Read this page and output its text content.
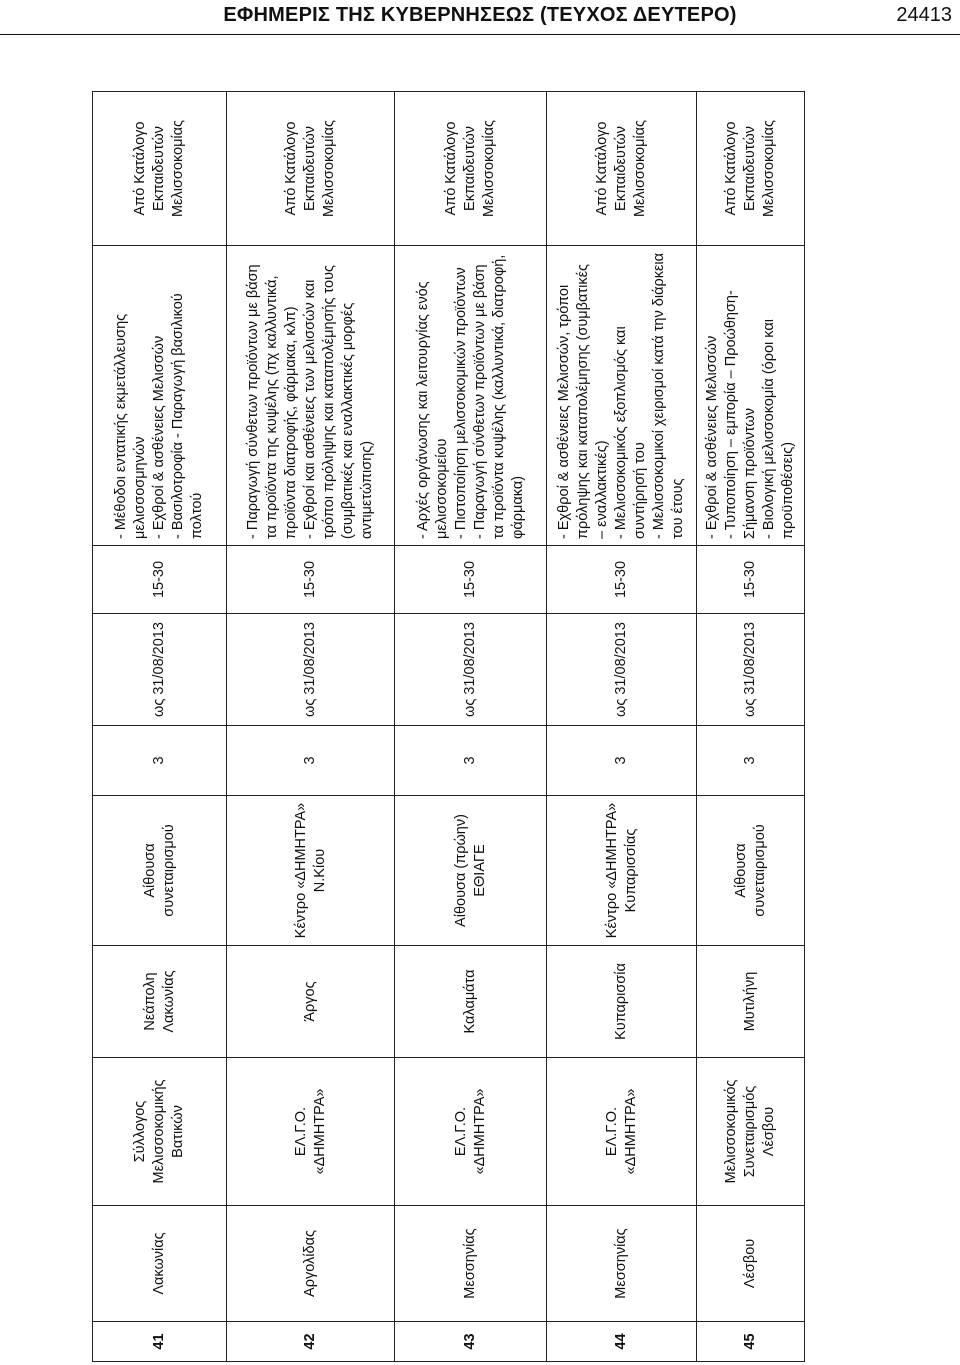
ΕΦΗΜΕΡΙΣ ΤΗΣ ΚΥΒΕΡΝΗΣΕΩΣ (ΤΕΥΧΟΣ ΔΕΥΤΕΡΟ)	24413
41	Λακωνίας	Σύλλογος Μελισσοκομικής Βατικών	Νεάπολη Λακωνίας	Αίθουσα συνεταιρισμού	3	ως 31/08/2013	15-30	- Μέθοδοι εντατικής εκμετάλλευσης μελισσοσμηνών - Εχθροί & ασθένειες Μελισσών - Βασιλοτροφία - Παραγωγή βασιλικού πολτού	Από Κατάλογο Εκπαιδευτών Μελισσοκομίας
42	Αργολίδας	ΕΛ.Γ.Ο. «ΔΗΜΗΤΡΑ»	Άργος	Κέντρο «ΔΗΜΗΤΡΑ» Ν.Κίου	3	ως 31/08/2013	15-30	- Παραγωγή σύνθετων προϊόντων με βάση τα προϊόντα της κυψέλης (πχ καλλυντικά, προϊόντα διατροφής, φάρμακα, κλπ) - Εχθροί και ασθένειες των μελισσών και τρόποι πρόληψης και καταπολέμησής τους (συμβατικές και εναλλακτικές μορφές αντιμετώπισης)	Από Κατάλογο Εκπαιδευτών Μελισσοκομίας
43	Μεσσηνίας	ΕΛ.Γ.Ο. «ΔΗΜΗΤΡΑ»	Καλαμάτα	Αίθουσα (πρώην) ΕΘΙΑΓΕ	3	ως 31/08/2013	15-30	- Αρχές οργάνωσης και λειτουργίας ενός μελισσοκομείου - Πιστοποίηση μελισσοκομικών προϊόντων - Παραγωγή σύνθετων προϊόντων με βάση τα προϊόντα κυψέλης (καλλυντικά, διατροφή, φάρμακα)	Από Κατάλογο Εκπαιδευτών Μελισσοκομίας
44	Μεσσηνίας	ΕΛ.Γ.Ο. «ΔΗΜΗΤΡΑ»	Κυπαρισσία	Κέντρο «ΔΗΜΗΤΡΑ» Κυπαρισσίας	3	ως 31/08/2013	15-30	- Εχθροί & ασθένειες Μελισσών, τρόποι πρόληψης και καταπολέμησης (συμβατικές – εναλλακτικές) - Μελισσοκομικός εξοπλισμός και συντήρησή του - Μελισσοκομικοί χειρισμοί κατά την διάρκεια του έτους	Από Κατάλογο Εκπαιδευτών Μελισσοκομίας
45	Λέσβου	Μελισσοκομικός Συνεταιρισμός Λέσβου	Μυτιλήνη	Αίθουσα συνεταιρισμού	3	ως 31/08/2013	15-30	- Εχθροί & ασθένειες Μελισσών - Τυποποίηση – εμπορία – Προώθηση- Σήμανση προϊόντων - Βιολογική μελισσοκομία (όροι και προϋποθέσεις)	Από Κατάλογο Εκπαιδευτών Μελισσοκομίας
